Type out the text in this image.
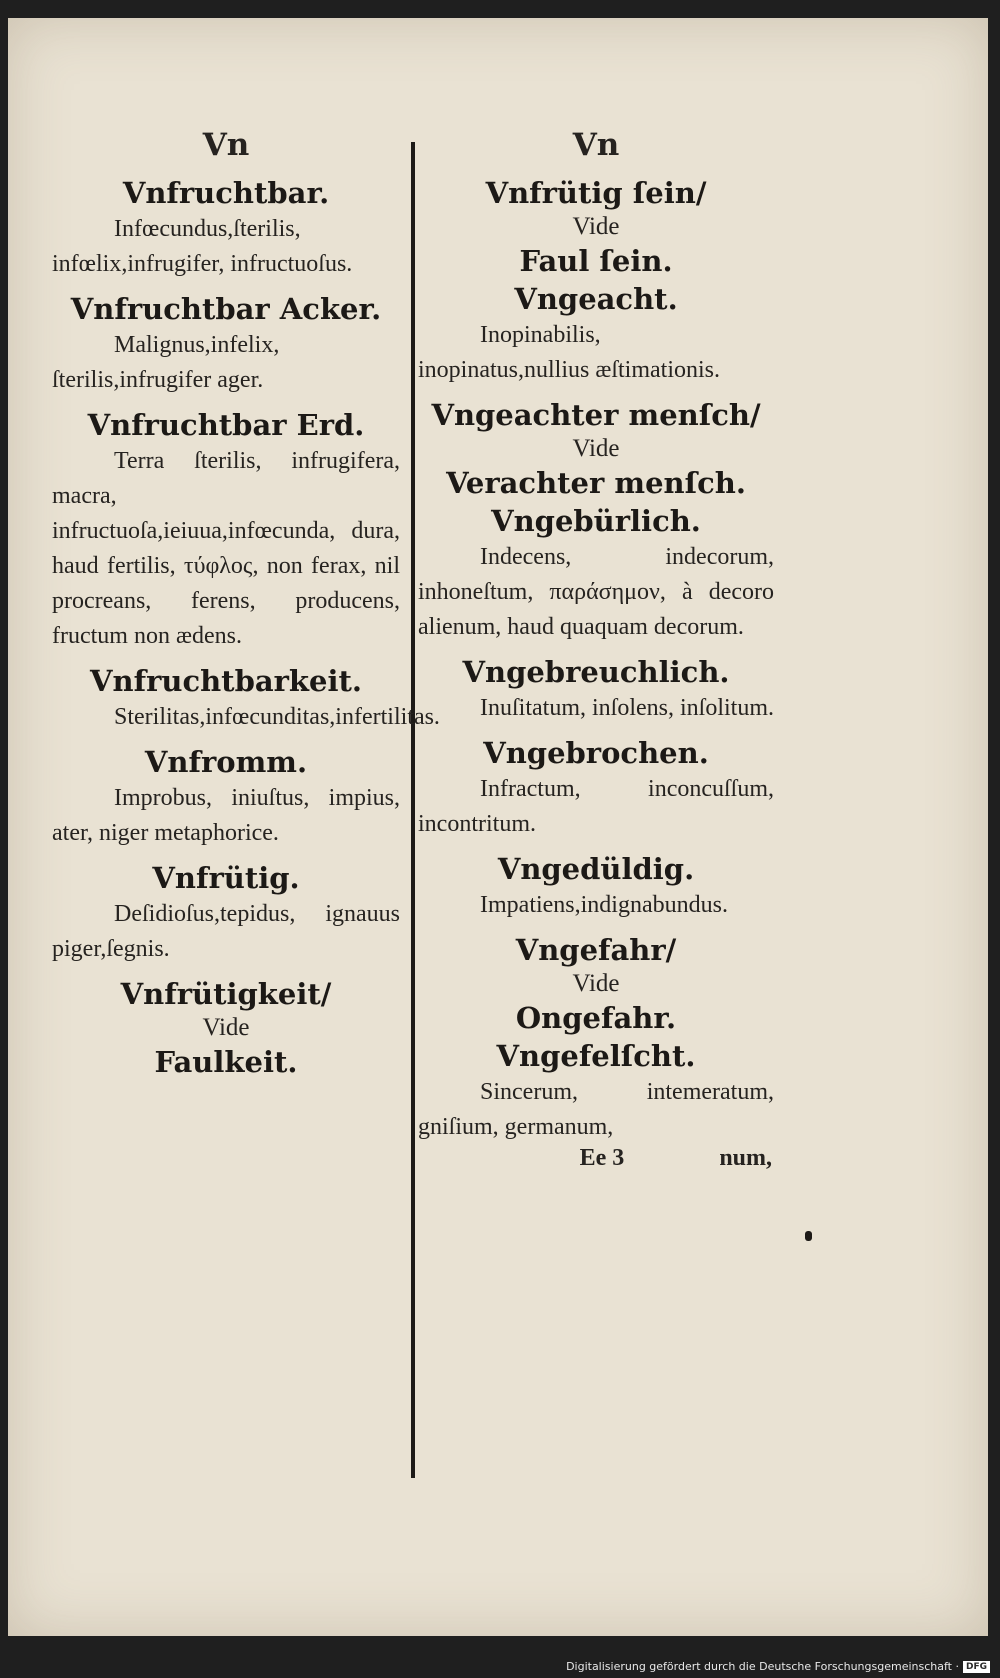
Vn
Vnfruchtbar.

Infœcundus,ſterilis, infœlix,infrugifer, infructuoſus.

Vnfruchtbar Acker.

Malignus,infelix, ſterilis,infrugifer ager.

Vnfruchtbar Erd.

Terra ſterilis, infrugifera, macra, infructuoſa,ieiuua,infœcunda, dura, haud fertilis, τύφλος, non ferax, nil procreans, ferens, producens, fructum non ædens.

Vnfruchtbarkeit.

Sterilitas,infœcunditas,infertilitas.

Vnfromm.

Improbus, iniuſtus, impius, ater, niger metaphorice.

Vnfrütig.

Deſidioſus,tepidus, ignauus piger,ſegnis.

Vnfrütigkeit/
Vide
Faulkeit.
Vn
Vnfrütig ſein/
Vide
Faul ſein.
Vngeacht.

Inopinabilis, inopinatus,nullius æſtimationis.

Vngeachter menſch/
Vide
Verachter menſch.
Vngebürlich.

Indecens, indecorum, inhoneſtum, παράσημον, à decoro alienum, haud quaquam decorum.

Vngebreuchlich.

Inuſitatum, inſolens, inſolitum.

Vngebrochen.

Infractum, inconcuſſum, incontritum.

Vngedüldig.

Impatiens,indignabundus.

Vngefahr/
Vide
Ongefahr.
Vngefelſcht.

Sincerum, intemeratum, gniſium, germanum,

Ee 3	num,
Digitalisierung gefördert durch die Deutsche Forschungsgemeinschaft · DFG
